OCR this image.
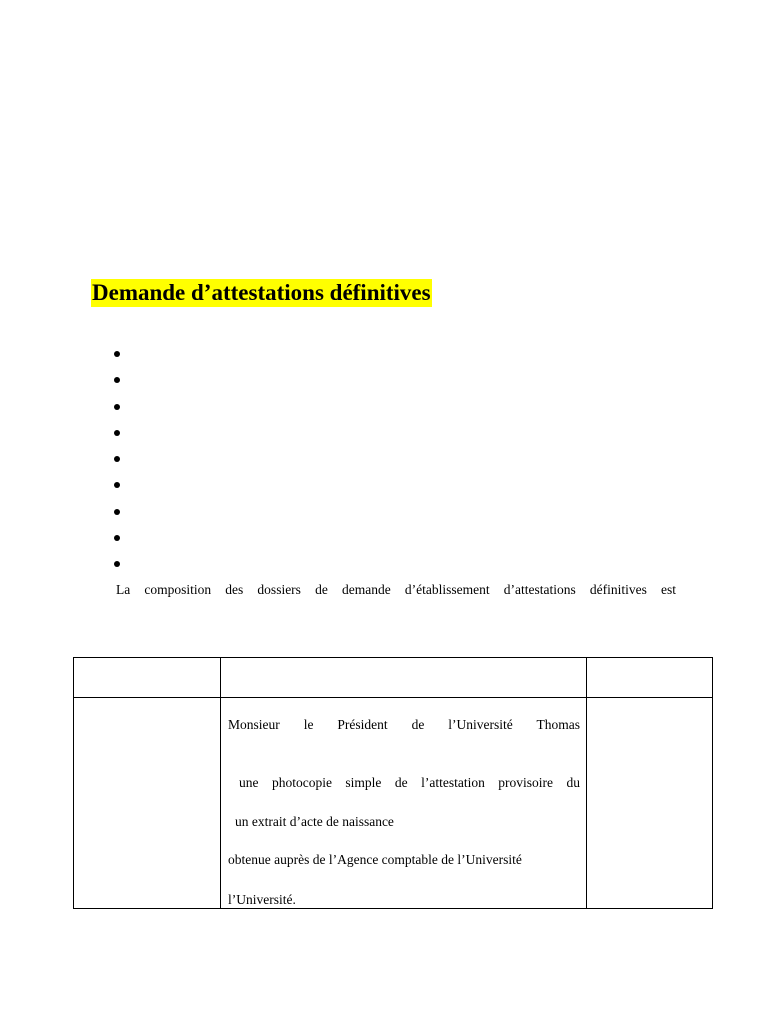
Demande d’attestations définitives
La composition des dossiers de demande d’établissement d’attestations définitives est
Monsieur le Président de l’Université Thomas
une photocopie simple de l’attestation provisoire du
un extrait d’acte de naissance
obtenue auprès de l’Agence comptable de l’Université
l’Université.
